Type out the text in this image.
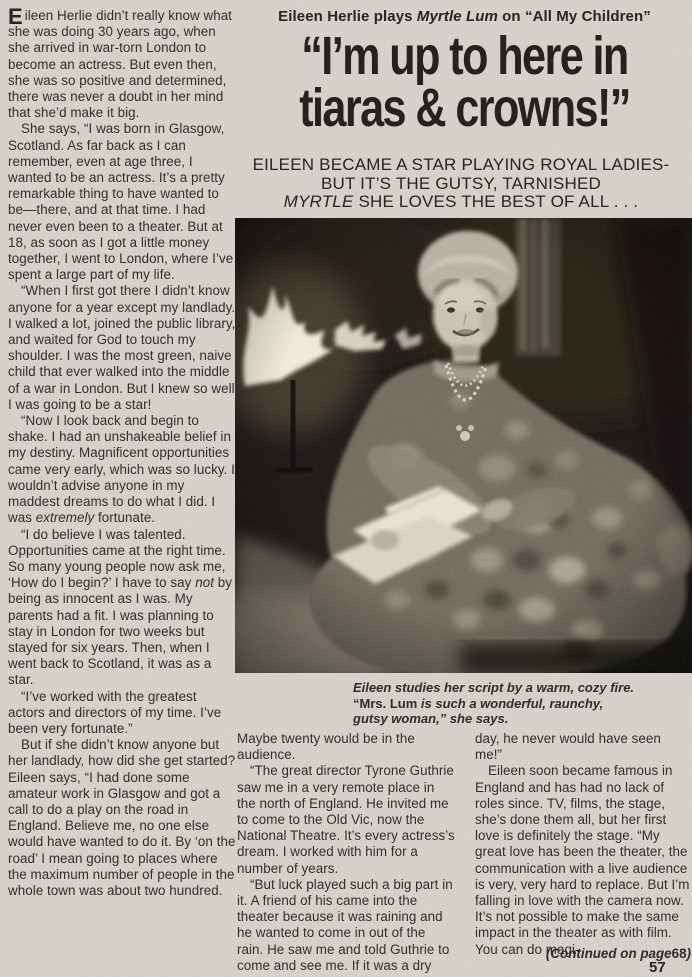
Eileen Herlie didn’t really know what she was doing 30 years ago, when she arrived in war-torn London to become an actress. But even then, she was so positive and determined, there was never a doubt in her mind that she’d make it big.
She says, “I was born in Glasgow, Scotland. As far back as I can remember, even at age three, I wanted to be an actress. It’s a pretty remarkable thing to have wanted to be—there, and at that time. I had never even been to a theater. But at 18, as soon as I got a little money together, I went to London, where I’ve spent a large part of my life.
“When I first got there I didn’t know anyone for a year except my landlady. I walked a lot, joined the public library, and waited for God to touch my shoulder. I was the most green, naive child that ever walked into the middle of a war in London. But I knew so well I was going to be a star!
“Now I look back and begin to shake. I had an unshakeable belief in my destiny. Magnificent opportunities came very early, which was so lucky. I wouldn’t advise anyone in my maddest dreams to do what I did. I was extremely fortunate.
“I do believe I was talented. Opportunities came at the right time. So many young people now ask me, ‘How do I begin?’ I have to say not by being as innocent as I was. My parents had a fit. I was planning to stay in London for two weeks but stayed for six years. Then, when I went back to Scotland, it was as a star.
“I’ve worked with the greatest actors and directors of my time. I’ve been very fortunate.”
But if she didn’t know anyone but her landlady, how did she get started? Eileen says, “I had done some amateur work in Glasgow and got a call to do a play on the road in England. Believe me, no one else would have wanted to do it. By ‘on the road’ I mean going to places where the maximum number of people in the whole town was about two hundred.
Eileen Herlie plays Myrtle Lum on “All My Children”
“I’m up to here in
tiaras & crowns!”
EILEEN BECAME A STAR PLAYING ROYAL LADIES-
BUT IT’S THE GUTSY, TARNISHED
MYRTLE SHE LOVES THE BEST OF ALL . . .
Eileen studies her script by a warm, cozy fire.
“Mrs. Lum is such a wonderful, raunchy,
gutsy woman,” she says.
Maybe twenty would be in the audience.
“The great director Tyrone Guthrie saw me in a very remote place in the north of England. He invited me to come to the Old Vic, now the National Theatre. It’s every actress’s dream. I worked with him for a number of years.
“But luck played such a big part in it. A friend of his came into the theater because it was raining and he wanted to come in out of the rain. He saw me and told Guthrie to come and see me. If it was a dry
day, he never would have seen me!”
Eileen soon became famous in England and has had no lack of roles since. TV, films, the stage, she’s done them all, but her first love is definitely the stage. “My great love has been the theater, the communication with a live audience is very, very hard to replace. But I’m falling in love with the camera now. It’s not possible to make the same impact in the theater as with film. You can do magi-
(Continued on page68)
57
